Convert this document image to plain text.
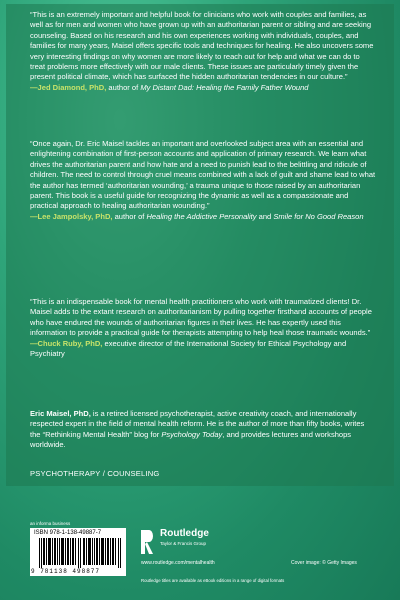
“This is an extremely important and helpful book for clinicians who work with couples and families, as well as for men and women who have grown up with an authoritarian parent or sibling and are seeking counseling. Based on his research and his own experiences working with individuals, couples, and families for many years, Maisel offers specific tools and techniques for healing. He also uncovers some very interesting findings on why women are more likely to reach out for help and what we can do to treat problems more effectively with our male clients. These issues are particularly timely given the present political climate, which has surfaced the hidden authoritarian tendencies in our culture.”
—Jed Diamond, PhD, author of My Distant Dad: Healing the Family Father Wound
“Once again, Dr. Eric Maisel tackles an important and overlooked subject area with an essential and enlightening combination of first-person accounts and application of primary research. We learn what drives the authoritarian parent and how hate and a need to punish lead to the belittling and ridicule of children. The need to control through cruel means combined with a lack of guilt and shame lead to what the author has termed ‘authoritarian wounding,’ a trauma unique to those raised by an authoritarian parent. This book is a useful guide for recognizing the dynamic as well as a compassionate and practical approach to healing authoritarian wounding.”
—Lee Jampolsky, PhD, author of Healing the Addictive Personality and Smile for No Good Reason
“This is an indispensable book for mental health practitioners who work with traumatized clients! Dr. Maisel adds to the extant research on authoritarianism by pulling together firsthand accounts of people who have endured the wounds of authoritarian figures in their lives. He has expertly used this information to provide a practical guide for therapists attempting to help heal those traumatic wounds.”
—Chuck Ruby, PhD, executive director of the International Society for Ethical Psychology and Psychiatry
Eric Maisel, PhD, is a retired licensed psychotherapist, active creativity coach, and internationally respected expert in the field of mental health reform. He is the author of more than fifty books, writes the “Rethinking Mental Health” blog for Psychology Today, and provides lectures and workshops worldwide.
PSYCHOTHERAPY / COUNSELING
an informa business
ISBN 978-1-138-49887-7
9 781138 498877
Routledge
Taylor & Francis Group
www.routledge.com/mentalhealth	Cover image: © Getty Images
Routledge titles are available as eBook editions in a range of digital formats
